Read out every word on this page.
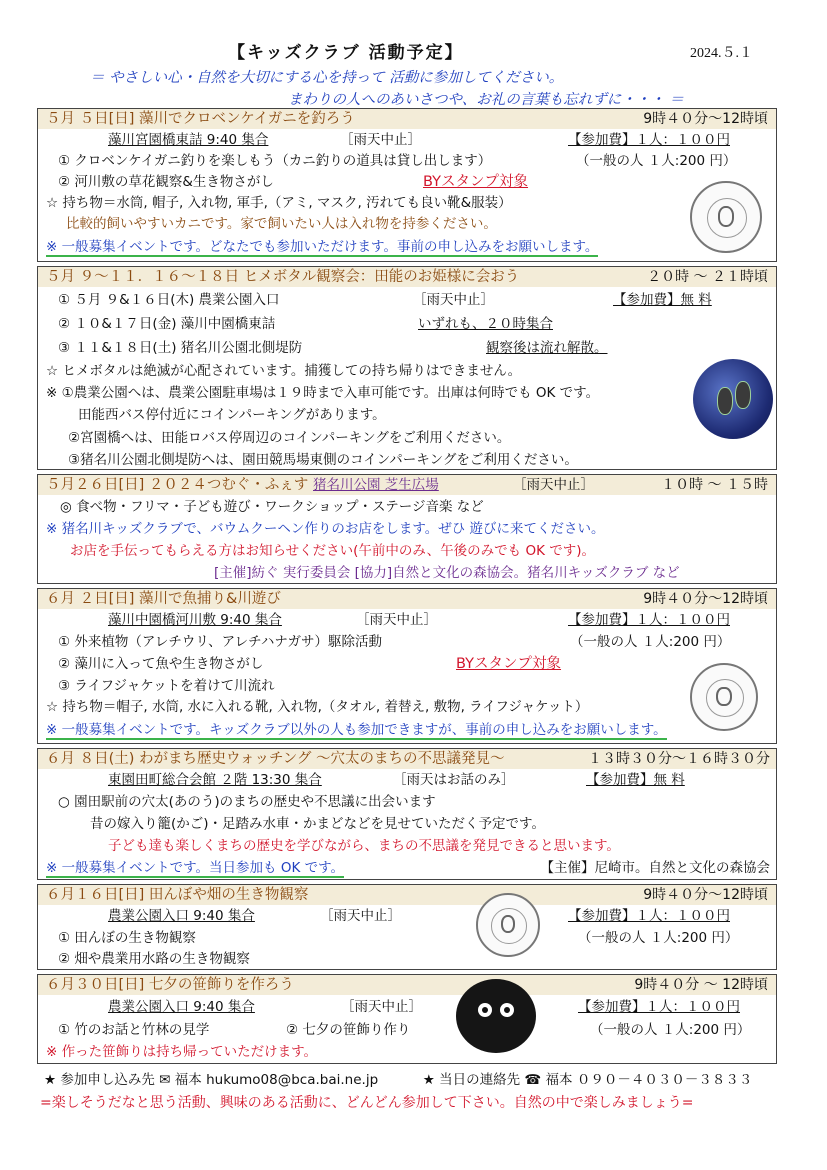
【キッズクラブ 活動予定】	2024.５.１
＝ やさしい心・自然を大切にする心を持って 活動に参加してください。
まわりの人へのあいさつや、お礼の言葉も忘れずに・・・ ＝
５月 ５日[日] 藻川でクロベンケイガニを釣ろう	9時４０分～12時頃
藻川宮園橋東詰 9:40 集合	［雨天中止］	【参加費】１人：１００円
① クロベンケイガニ釣りを楽しもう（カニ釣りの道具は貸し出します）	（一般の人 １人:200 円）
② 河川敷の草花観察&生き物さがし	BYスタンプ対象
☆ 持ち物＝水筒, 帽子, 入れ物, 軍手,（アミ, マスク, 汚れても良い靴&服装）
比較的飼いやすいカニです。家で飼いたい人は入れ物を持参ください。
※ 一般募集イベントです。どなたでも参加いただけます。事前の申し込みをお願いします。
５月 ９～１１．１６～１８日 ヒメボタル観察会：田能のお姫様に会おう	２０時 ～ ２１時頃
① ５月 ９&１６日(木) 農業公園入口	［雨天中止］	【参加費】無 料
② １０&１７日(金) 藻川中園橋東詰	いずれも、２０時集合
③ １１&１８日(土) 猪名川公園北側堤防	観察後は流れ解散。
☆ ヒメボタルは絶滅が心配されています。捕獲しての持ち帰りはできません。
※ ①農業公園へは、農業公園駐車場は１９時まで入車可能です。出庫は何時でも OK です。
田能西バス停付近にコインパーキングがあります。
②宮園橋へは、田能ロバス停周辺のコインパーキングをご利用ください。
③猪名川公園北側堤防へは、園田競馬場東側のコインパーキングをご利用ください。
５月２６日[日] ２０２４つむぐ・ふぇす 猪名川公園 芝生広場	［雨天中止］	１０時 ～ １５時
◎ 食べ物・フリマ・子ども遊び・ワークショップ・ステージ音楽 など
※ 猪名川キッズクラブで、バウムクーヘン作りのお店をします。ぜひ 遊びに来てください。
お店を手伝ってもらえる方はお知らせください(午前中のみ、午後のみでも OK です)。
[主催]紡ぐ 実行委員会 [協力]自然と文化の森協会。猪名川キッズクラブ など
６月 ２日[日] 藻川で魚捕り&川遊び	9時４０分～12時頃
藻川中園橋河川敷 9:40 集合	［雨天中止］	【参加費】１人：１００円
① 外来植物（アレチウリ、アレチハナガサ）駆除活動	（一般の人 １人:200 円）
② 藻川に入って魚や生き物さがし	BYスタンプ対象
③ ライフジャケットを着けて川流れ
☆ 持ち物＝帽子, 水筒, 水に入れる靴, 入れ物,（タオル, 着替え, 敷物, ライフジャケット）
※ 一般募集イベントです。キッズクラブ以外の人も参加できますが、事前の申し込みをお願いします。
６月 ８日(土) わがまち歴史ウォッチング ～穴太のまちの不思議発見～	１３時３０分～１６時３０分
東園田町総合会館 ２階 13:30 集合	［雨天はお話のみ］	【参加費】無 料
○ 園田駅前の穴太(あのう)のまちの歴史や不思議に出会います
昔の嫁入り籠(かご)・足踏み水車・かまどなどを見せていただく予定です。
子ども達も楽しくまちの歴史を学びながら、まちの不思議を発見できると思います。
※ 一般募集イベントです。当日参加も OK です。	【主催】尼崎市。自然と文化の森協会
６月１６日[日] 田んぼや畑の生き物観察	9時４０分～12時頃
農業公園入口 9:40 集合	［雨天中止］	【参加費】１人：１００円
① 田んぼの生き物観察	（一般の人 １人:200 円）
② 畑や農業用水路の生き物観察
６月３０日[日] 七夕の笹飾りを作ろう	9時４０分 ～ 12時頃
農業公園入口 9:40 集合	［雨天中止］	【参加費】１人：１００円
① 竹のお話と竹林の見学	② 七夕の笹飾り作り	（一般の人 １人:200 円）
※ 作った笹飾りは持ち帰っていただけます。
★ 参加申し込み先 ✉ 福本 hukumo08@bca.bai.ne.jp	★ 当日の連絡先 ☎ 福本 ０９０－４０３０－３８３３
=楽しそうだなと思う活動、興味のある活動に、どんどん参加して下さい。自然の中で楽しみましょう=
